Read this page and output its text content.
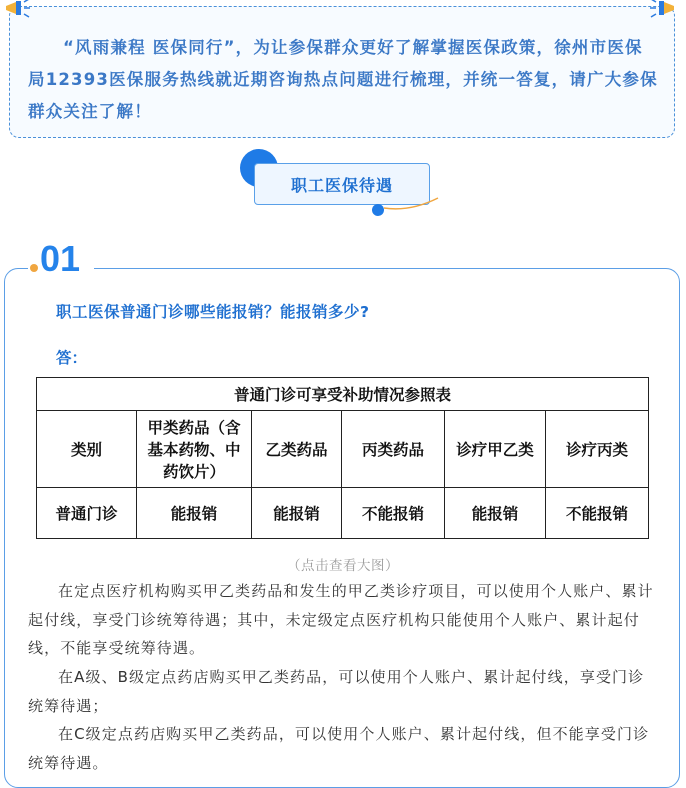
“风雨兼程 医保同行”，为让参保群众更好了解掌握医保政策，徐州市医保局12393医保服务热线就近期咨询热点问题进行梳理，并统一答复，请广大参保群众关注了解！
职工医保待遇
01
职工医保普通门诊哪些能报销？能报销多少?
答：
普通门诊可享受补助情况参照表					
类别	甲类药品（含基本药物、中药饮片）	乙类药品	丙类药品	诊疗甲乙类	诊疗丙类
普通门诊	能报销	能报销	不能报销	能报销	不能报销
（点击查看大图）
在定点医疗机构购买甲乙类药品和发生的甲乙类诊疗项目，可以使用个人账户、累计起付线，享受门诊统筹待遇；其中，未定级定点医疗机构只能使用个人账户、累计起付线，不能享受统筹待遇。
在A级、B级定点药店购买甲乙类药品，可以使用个人账户、累计起付线，享受门诊统筹待遇；
在C级定点药店购买甲乙类药品，可以使用个人账户、累计起付线，但不能享受门诊统筹待遇。
